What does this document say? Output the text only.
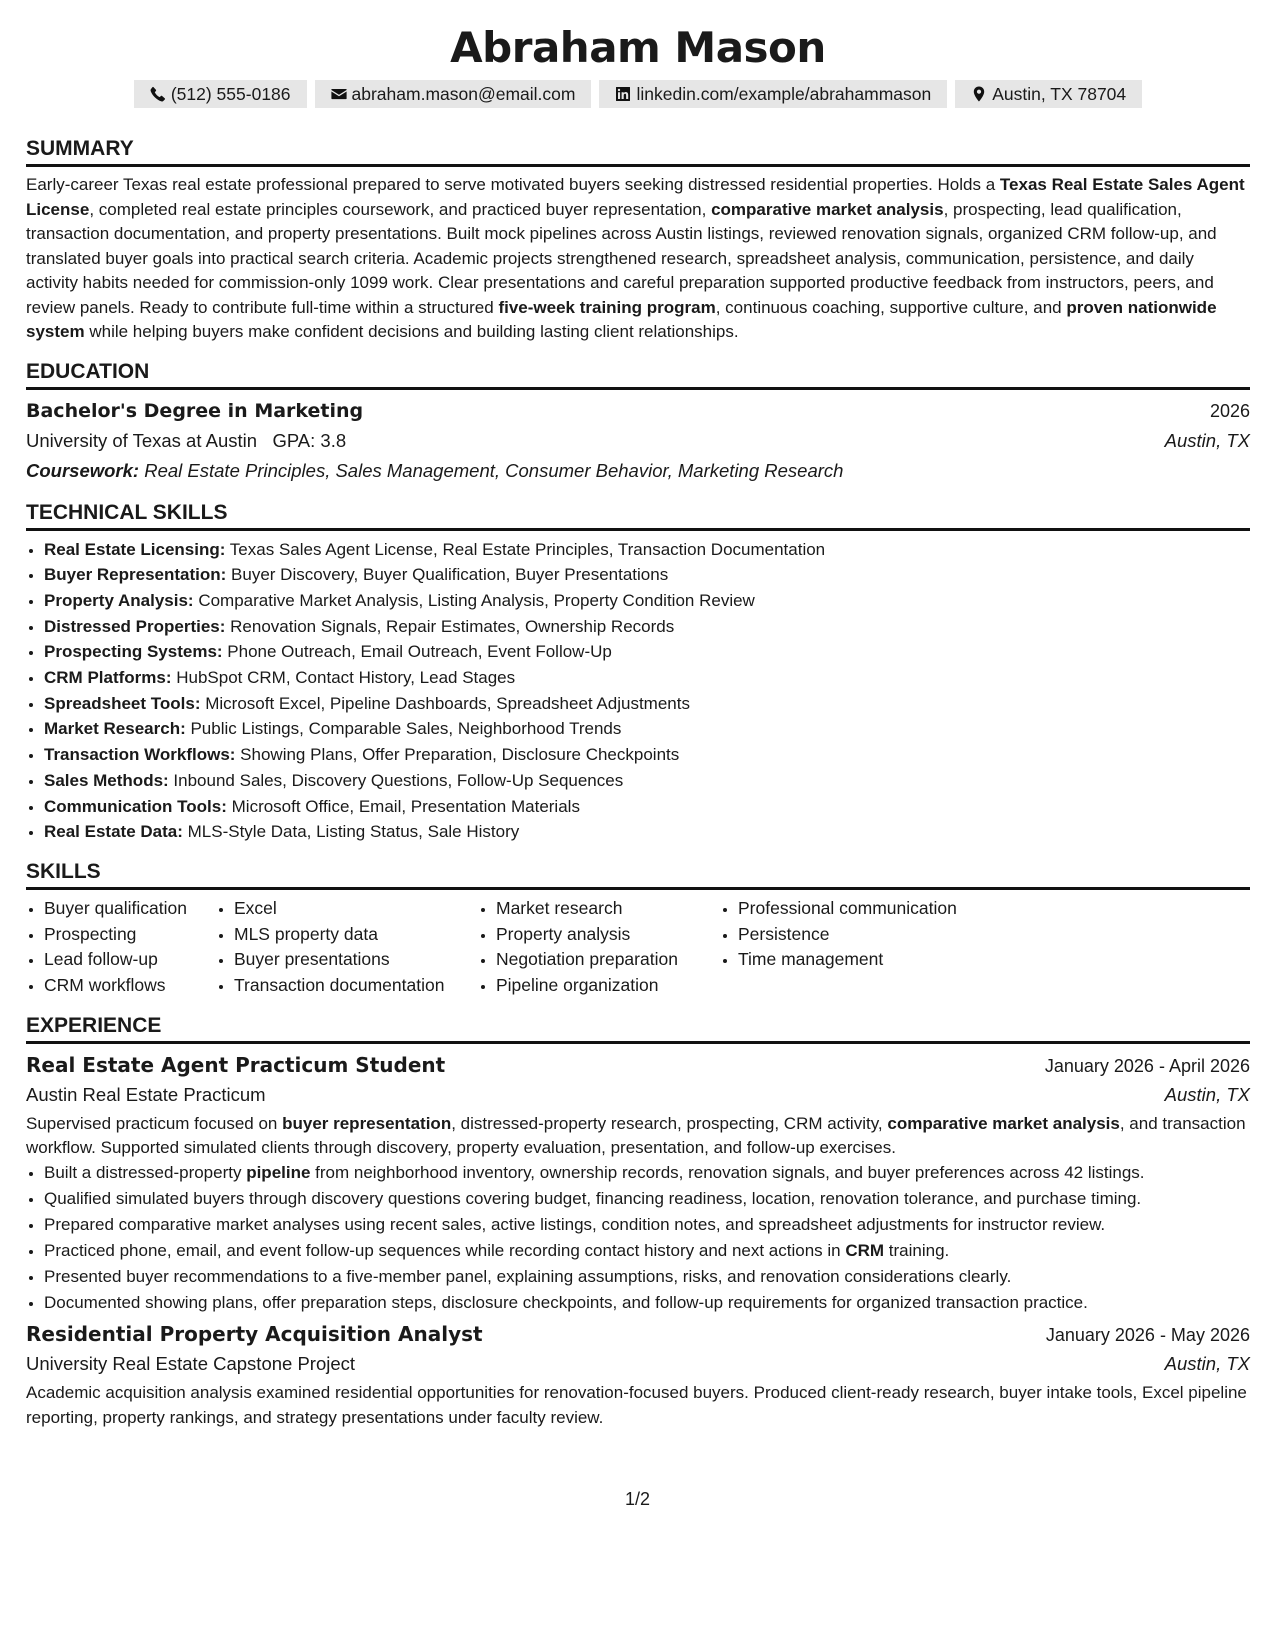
Abraham Mason
(512) 555-0186	abraham.mason@email.com	linkedin.com/example/abrahammason	Austin, TX 78704
SUMMARY

Early-career Texas real estate professional prepared to serve motivated buyers seeking distressed residential properties. Holds a Texas Real Estate Sales Agent License, completed real estate principles coursework, and practiced buyer representation, comparative market analysis, prospecting, lead qualification, transaction documentation, and property presentations. Built mock pipelines across Austin listings, reviewed renovation signals, organized CRM follow-up, and translated buyer goals into practical search criteria. Academic projects strengthened research, spreadsheet analysis, communication, persistence, and daily activity habits needed for commission-only 1099 work. Clear presentations and careful preparation supported productive feedback from instructors, peers, and review panels. Ready to contribute full-time within a structured five-week training program, continuous coaching, supportive culture, and proven nationwide system while helping buyers make confident decisions and building lasting client relationships.

EDUCATION
Bachelor's Degree in Marketing	2026
University of Texas at Austin GPA: 3.8	Austin, TX
Coursework: Real Estate Principles, Sales Management, Consumer Behavior, Marketing Research
TECHNICAL SKILLS
• Real Estate Licensing: Texas Sales Agent License, Real Estate Principles, Transaction Documentation
• Buyer Representation: Buyer Discovery, Buyer Qualification, Buyer Presentations
• Property Analysis: Comparative Market Analysis, Listing Analysis, Property Condition Review
• Distressed Properties: Renovation Signals, Repair Estimates, Ownership Records
• Prospecting Systems: Phone Outreach, Email Outreach, Event Follow-Up
• CRM Platforms: HubSpot CRM, Contact History, Lead Stages
• Spreadsheet Tools: Microsoft Excel, Pipeline Dashboards, Spreadsheet Adjustments
• Market Research: Public Listings, Comparable Sales, Neighborhood Trends
• Transaction Workflows: Showing Plans, Offer Preparation, Disclosure Checkpoints
• Sales Methods: Inbound Sales, Discovery Questions, Follow-Up Sequences
• Communication Tools: Microsoft Office, Email, Presentation Materials
• Real Estate Data: MLS-Style Data, Listing Status, Sale History
SKILLS
• Buyer qualification
• Prospecting
• Lead follow-up
• CRM workflows
• Excel
• MLS property data
• Buyer presentations
• Transaction documentation
• Market research
• Property analysis
• Negotiation preparation
• Pipeline organization
• Professional communication
• Persistence
• Time management
EXPERIENCE
Real Estate Agent Practicum Student	January 2026 - April 2026
Austin Real Estate Practicum	Austin, TX

Supervised practicum focused on buyer representation, distressed-property research, prospecting, CRM activity, comparative market analysis, and transaction workflow. Supported simulated clients through discovery, property evaluation, presentation, and follow-up exercises.

• Built a distressed-property pipeline from neighborhood inventory, ownership records, renovation signals, and buyer preferences across 42 listings.
• Qualified simulated buyers through discovery questions covering budget, financing readiness, location, renovation tolerance, and purchase timing.
• Prepared comparative market analyses using recent sales, active listings, condition notes, and spreadsheet adjustments for instructor review.
• Practiced phone, email, and event follow-up sequences while recording contact history and next actions in CRM training.
• Presented buyer recommendations to a five-member panel, explaining assumptions, risks, and renovation considerations clearly.
• Documented showing plans, offer preparation steps, disclosure checkpoints, and follow-up requirements for organized transaction practice.
Residential Property Acquisition Analyst	January 2026 - May 2026
University Real Estate Capstone Project	Austin, TX

Academic acquisition analysis examined residential opportunities for renovation-focused buyers. Produced client-ready research, buyer intake tools, Excel pipeline reporting, property rankings, and strategy presentations under faculty review.

1/2
